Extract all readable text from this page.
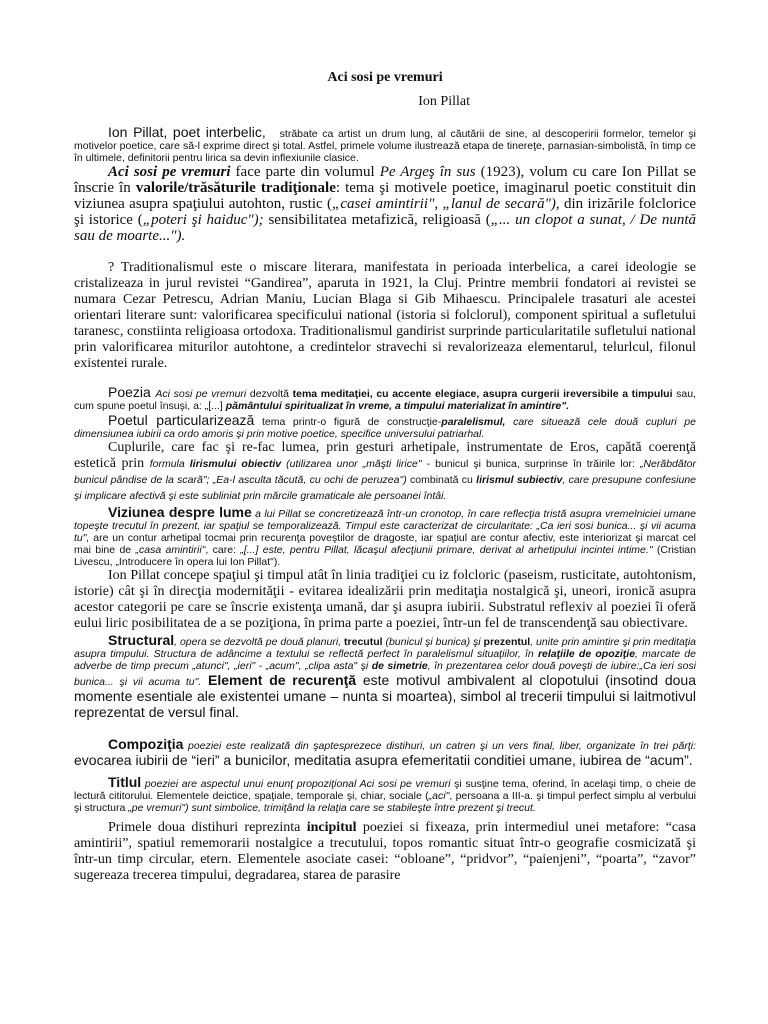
Aci sosi pe vremuri

Ion Pillat

Ion Pillat, poet interbelic, străbate ca artist un drum lung, al căutării de sine, al descoperirii formelor, temelor şi motivelor poetice, care să-l exprime direct şi total. Astfel, primele volume ilustrează etapa de tinereţe, parnasian-simbolistă, în timp ce în ultimele, definitorii pentru lirica sa devin inflexiunile clasice.

Aci sosi pe vremuri face parte din volumul Pe Argeş în sus (1923), volum cu care Ion Pillat se înscrie în valorile/trăsăturile tradiţionale: tema şi motivele poetice, imaginarul poetic constituit din viziunea asupra spaţiului autohton, rustic („casei amintirii", „lanul de secară"), din irizările folclorice şi istorice („poteri şi haiduc"); sensibilitatea metafizică, religioasă („... un clopot a sunat, / De nuntă sau de moarte...").

? Traditionalismul este o miscare literara, manifestata in perioada interbelica, a carei ideologie se cristalizeaza in jurul revistei “Gandirea”, aparuta in 1921, la Cluj. Printre membrii fondatori ai revistei se numara Cezar Petrescu, Adrian Maniu, Lucian Blaga si Gib Mihaescu. Principalele trasaturi ale acestei orientari literare sunt: valorificarea specificului national (istoria si folclorul), component spiritual a sufletului taranesc, constiinta religioasa ortodoxa. Traditionalismul gandirist surprinde particularitatile sufletului national prin valorificarea miturilor autohtone, a credintelor stravechi si revalorizeaza elementarul, telurlcul, filonul existentei rurale.

Poezia Aci sosi pe vremuri dezvoltă tema meditaţiei, cu accente elegiace, asupra curgerii ireversibile a timpului sau, cum spune poetul însuşi, a: „[...] pământului spiritualizat în vreme, a timpului materializat în amintire".

Poetul particularizează tema printr-o figură de construcţie-paralelismul, care situează cele două cupluri pe dimensiunea iubirii ca ordo amoris şi prin motive poetice, specifice universului patriarhal.

Cuplurile, care fac şi re-fac lumea, prin gesturi arhetipale, instrumentate de Eros, capătă coerenţă estetică prin formula lirismului obiectiv (utilizarea unor „măşti lirice" - bunicul şi bunica, surprinse în trăirile lor: „Nerăbdător bunicul pândise de la scară"; „Ea-l asculta tăcută, cu ochi de peruzea") combinată cu lirismul subiectiv, care presupune confesiune şi implicare afectivă şi este subliniat prin mărcile gramaticale ale persoanei întâi.

Viziunea despre lume a lui Pillat se concretizează într-un cronotop, în care reflecţia tristă asupra vremelniciei umane topeşte trecutul în prezent, iar spaţiul se temporalizează. Timpul este caracterizat de circularitate: „Ca ieri sosi bunica... şi vii acuma tu", are un contur arhetipal tocmai prin recurenţa poveştilor de dragoste, iar spaţiul are contur afectiv, este interiorizat şi marcat cel mai bine de „casa amintirii", care: „[...] este, pentru Pillat, lăcaşul afecţiunii primare, derivat al arhetipului incintei intime." (Cristian Livescu, „Introducere în opera lui Ion Pillat").

Ion Pillat concepe spaţiul şi timpul atât în linia tradiţiei cu iz folcloric (paseism, rusticitate, autohtonism, istorie) cât şi în direcţia modernităţii - evitarea idealizării prin meditaţia nostalgică şi, uneori, ironică asupra acestor categorii pe care se înscrie existenţa umană, dar şi asupra iubirii. Substratul reflexiv al poeziei îi oferă eului liric posibilitatea de a se poziţiona, în prima parte a poeziei, într-un fel de transcendenţă sau obiectivare.

Structural, opera se dezvoltă pe două planuri, trecutul (bunicul şi bunica) şi prezentul, unite prin amintire şi prin meditaţia asupra timpului. Structura de adâncime a textului se reflectă perfect în paralelismul situaţiilor, în relaţiile de opoziţie, marcate de adverbe de timp precum „atunci", „ieri" - „acum", „clipa asta" şi de simetrie, în prezentarea celor două poveşti de iubire:„Ca ieri sosi bunica... şi vii acuma tu". Element de recurenţă este motivul ambivalent al clopotului (insotind doua momente esentiale ale existentei umane – nunta si moartea), simbol al trecerii timpului si laitmotivul reprezentat de versul final.

Compoziţia poeziei este realizată din şaptesprezece distihuri, un catren şi un vers final, liber, organizate în trei părţi: evocarea iubirii de “ieri” a bunicilor, meditatia asupra efemeritatii conditiei umane, iubirea de “acum”.

Titlul poeziei are aspectul unui enunţ propoziţional Aci sosi pe vremuri şi susţine tema, oferind, în acelaşi timp, o cheie de lectură cititorului. Elementele deictice, spaţiale, temporale şi, chiar, sociale („aci", persoana a III-a. şi timpul perfect simplu al verbului şi structura „pe vremuri") sunt simbolice, trimiţând la relaţia care se stabileşte între prezent şi trecut.

Primele doua distihuri reprezinta incipitul poeziei si fixeaza, prin intermediul unei metafore: “casa amintirii”, spatiul rememorarii nostalgice a trecutului, topos romantic situat într-o geografie cosmicizată şi într-un timp circular, etern. Elementele asociate casei: “obloane”, “pridvor”, “paienjeni”, “poarta”, “zavor” sugereaza trecerea timpului, degradarea, starea de parasire
